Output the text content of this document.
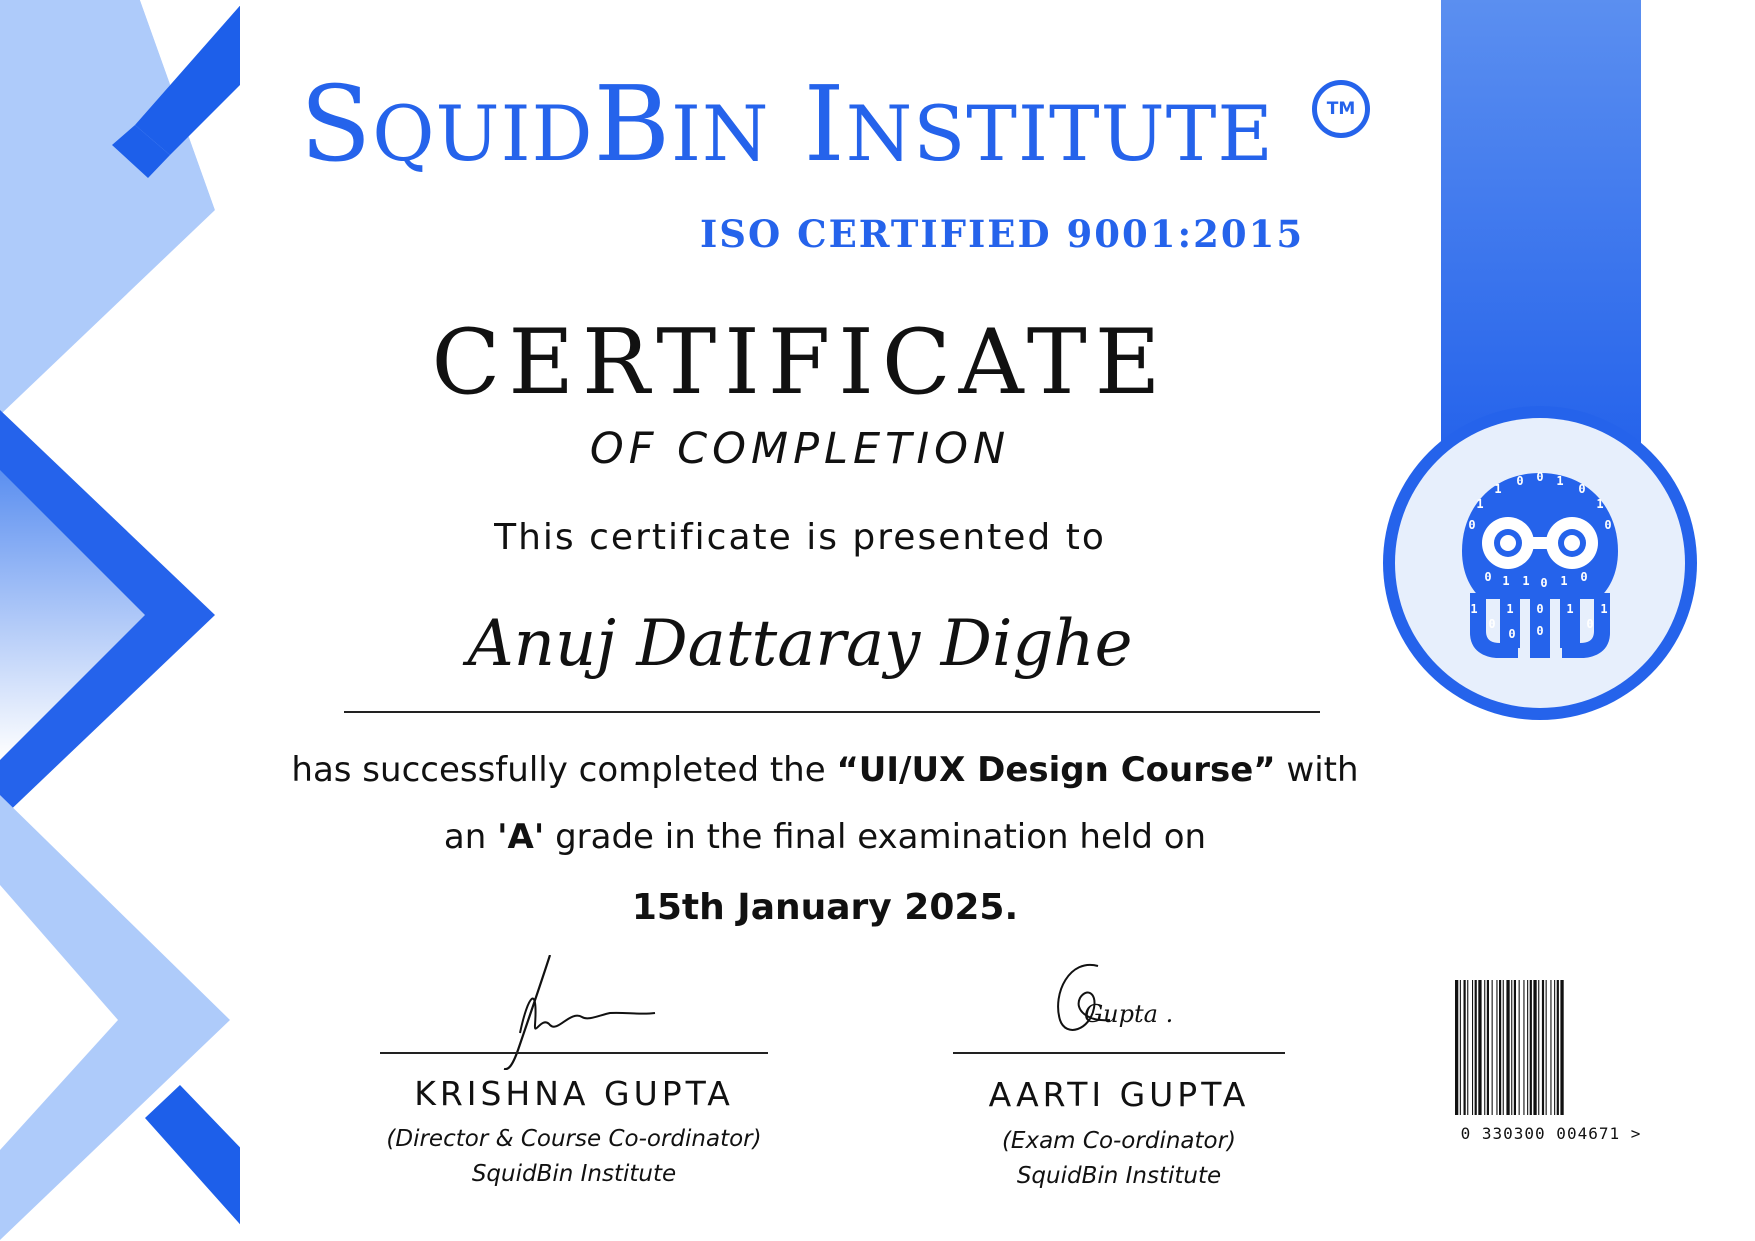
SQUIDBIN INSTITUTE	TM
ISO CERTIFIED 9001:2015
CERTIFICATE
OF COMPLETION
This certificate is presented to
Anuj Dattaray Dighe
has successfully completed the “UI/UX Design Course” with
an 'A' grade in the final examination held on
15th January 2025.
KRISHNA GUPTA
(Director & Course Co-ordinator)
SquidBin Institute
Gupta .
AARTI GUPTA
(Exam Co-ordinator)
SquidBin Institute
1
0 0 1
0
1
0
1
0
0 1 1 0 1 0
1
0
1 0
0
1
0
1
0
0 330300 004671 >
